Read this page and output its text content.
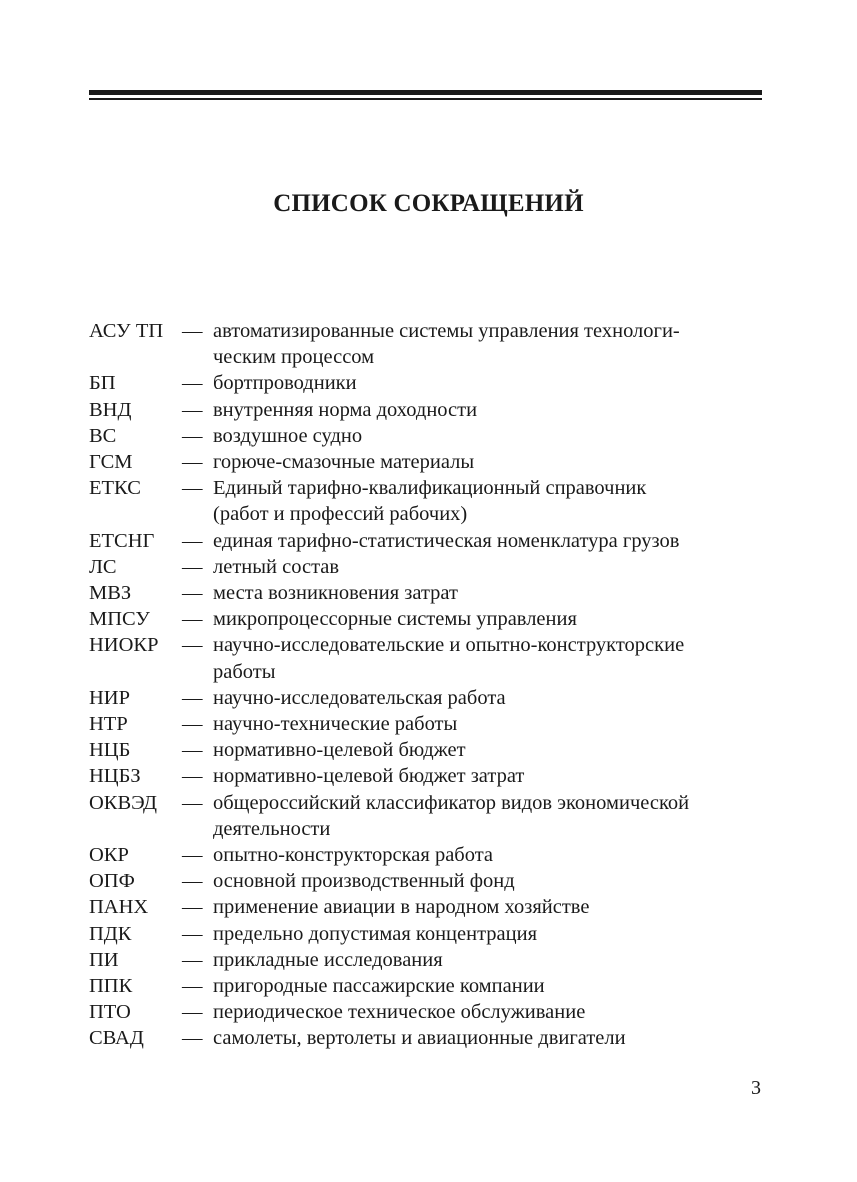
СПИСОК СОКРАЩЕНИЙ
АСУ ТП — автоматизированные системы управления технологи-
ческим процессом
БП	— бортпроводники
ВНД	— внутренняя норма доходности
ВС	— воздушное судно
ГСМ	— горюче-смазочные материалы
ЕТКС	— Единый тарифно-квалификационный справочник
(работ и профессий рабочих)
ЕТСНГ	— единая тарифно-статистическая номенклатура грузов
ЛС	— летный состав
МВЗ	— места возникновения затрат
МПСУ	— микропроцессорные системы управления
НИОКР	— научно-исследовательские и опытно-конструкторские
работы
НИР	— научно-исследовательская работа
НТР	— научно-технические работы
НЦБ	— нормативно-целевой бюджет
НЦБЗ	— нормативно-целевой бюджет затрат
ОКВЭД	— общероссийский классификатор видов экономической
деятельности
ОКР	— опытно-конструкторская работа
ОПФ	— основной производственный фонд
ПАНХ	— применение авиации в народном хозяйстве
ПДК	— предельно допустимая концентрация
ПИ	— прикладные исследования
ППК	— пригородные пассажирские компании
ПТО	— периодическое техническое обслуживание
СВАД	— самолеты, вертолеты и авиационные двигатели
3
